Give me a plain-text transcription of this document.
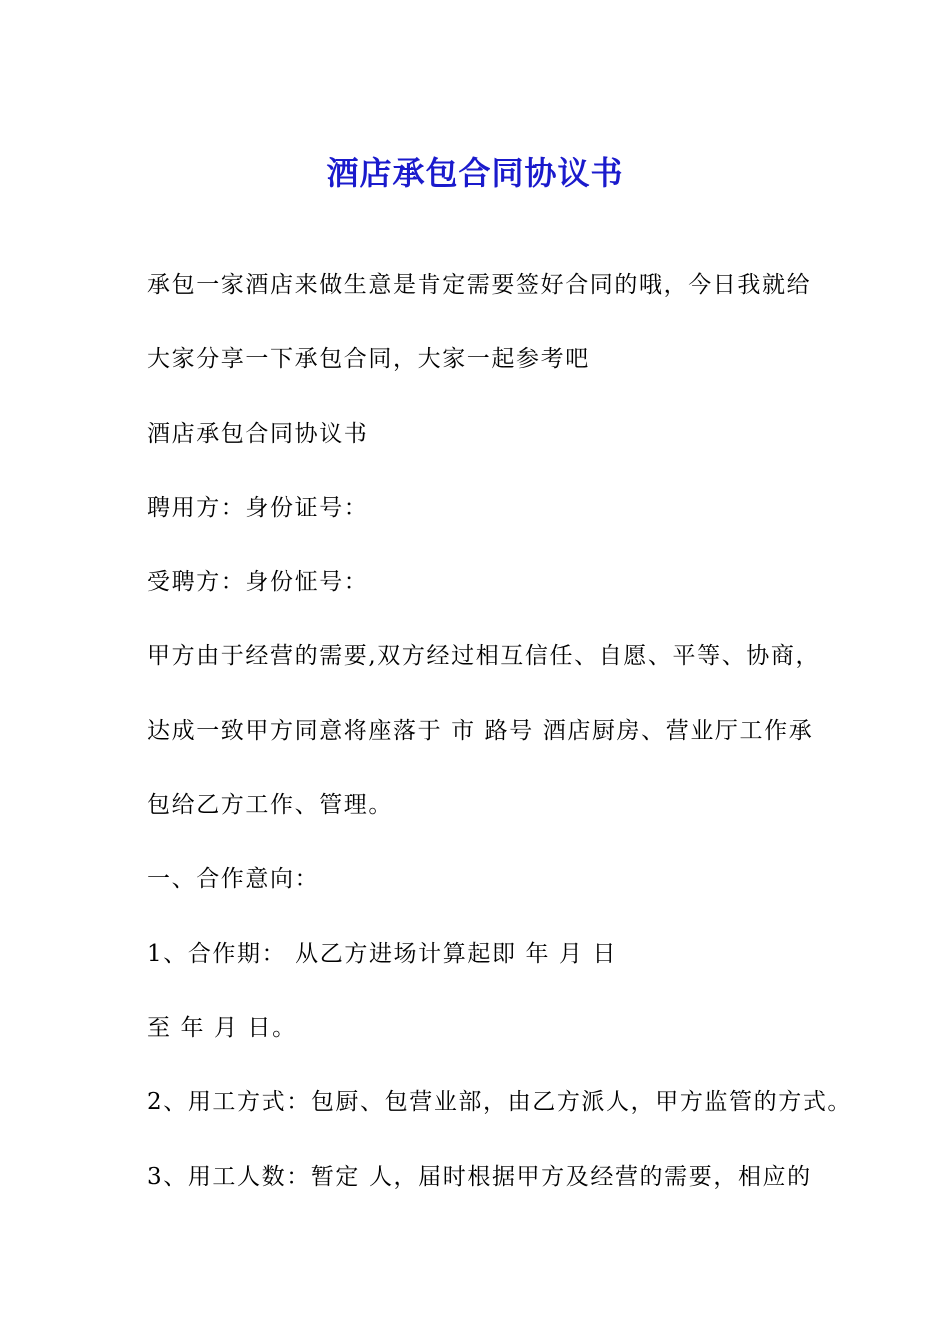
酒店承包合同协议书
承包一家酒店来做生意是肯定需要签好合同的哦，今日我就给
大家分享一下承包合同，大家一起参考吧
酒店承包合同协议书
聘用方：身份证号：
受聘方：身份怔号：
甲方由于经营的需要,双方经过相互信任、自愿、平等、协商，
达成一致甲方同意将座落于 市 路号 酒店厨房、营业厅工作承
包给乙方工作、管理。
一、合作意向：
1、合作期： 从乙方进场计算起即 年 月 日
至 年 月 日。
2、用工方式：包厨、包营业部，由乙方派人，甲方监管的方式。
3、用工人数：暂定 人，届时根据甲方及经营的需要，相应的
